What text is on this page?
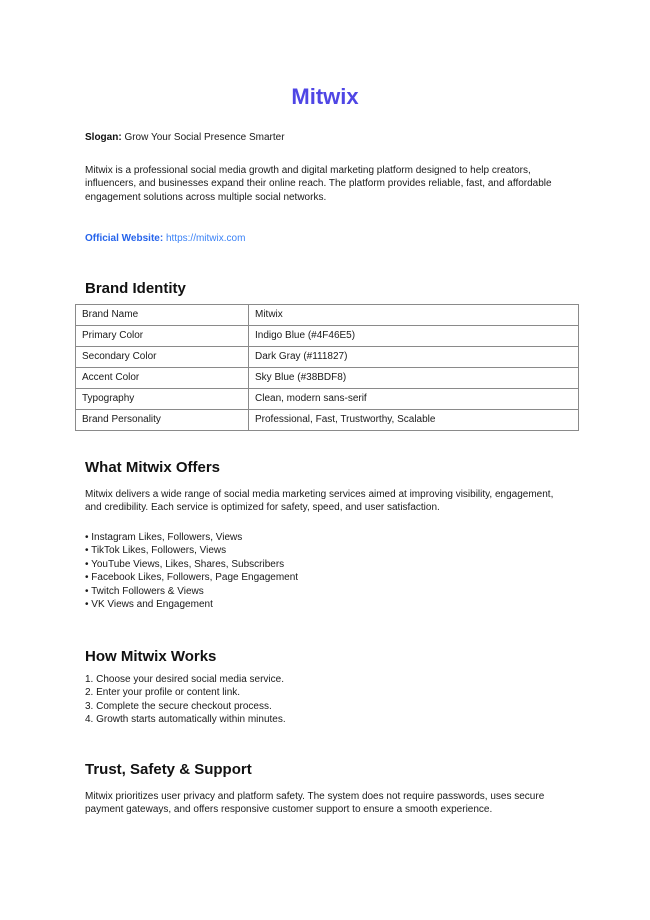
Mitwix

Slogan: Grow Your Social Presence Smarter

Mitwix is a professional social media growth and digital marketing platform designed to help creators, influencers, and businesses expand their online reach. The platform provides reliable, fast, and affordable engagement solutions across multiple social networks.

Official Website: https://mitwix.com

Brand Identity
Brand Name	Mitwix
Primary Color	Indigo Blue (#4F46E5)
Secondary Color	Dark Gray (#111827)
Accent Color	Sky Blue (#38BDF8)
Typography	Clean, modern sans-serif
Brand Personality	Professional, Fast, Trustworthy, Scalable
What Mitwix Offers

Mitwix delivers a wide range of social media marketing services aimed at improving visibility, engagement, and credibility. Each service is optimized for safety, speed, and user satisfaction.

• Instagram Likes, Followers, Views
• TikTok Likes, Followers, Views
• YouTube Views, Likes, Shares, Subscribers
• Facebook Likes, Followers, Page Engagement
• Twitch Followers & Views
• VK Views and Engagement
How Mitwix Works
1. Choose your desired social media service.
2. Enter your profile or content link.
3. Complete the secure checkout process.
4. Growth starts automatically within minutes.
Trust, Safety & Support

Mitwix prioritizes user privacy and platform safety. The system does not require passwords, uses secure payment gateways, and offers responsive customer support to ensure a smooth experience.
